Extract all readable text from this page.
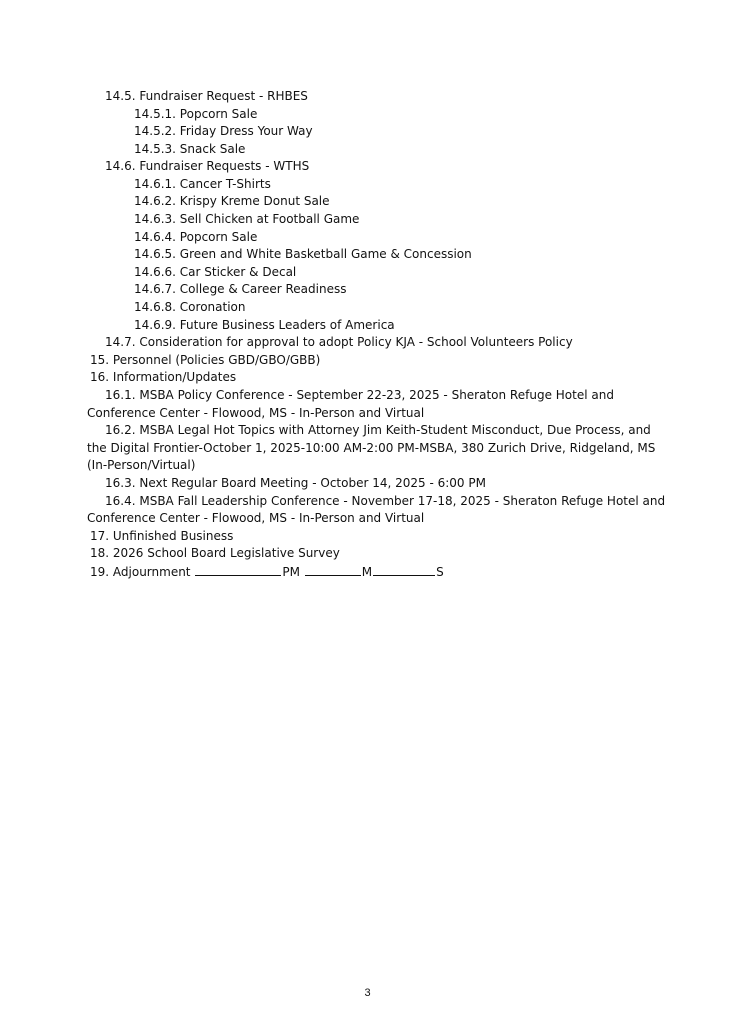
14.5. Fundraiser Request - RHBES
14.5.1. Popcorn Sale
14.5.2. Friday Dress Your Way
14.5.3. Snack Sale
14.6. Fundraiser Requests - WTHS
14.6.1. Cancer T-Shirts
14.6.2. Krispy Kreme Donut Sale
14.6.3. Sell Chicken at Football Game
14.6.4. Popcorn Sale
14.6.5. Green and White Basketball Game & Concession
14.6.6. Car Sticker & Decal
14.6.7. College & Career Readiness
14.6.8. Coronation
14.6.9. Future Business Leaders of America
14.7. Consideration for approval to adopt Policy KJA - School Volunteers Policy
15. Personnel (Policies GBD/GBO/GBB)
16. Information/Updates
16.1. MSBA Policy Conference - September 22-23, 2025 - Sheraton Refuge Hotel and
Conference Center - Flowood, MS - In-Person and Virtual
16.2. MSBA Legal Hot Topics with Attorney Jim Keith-Student Misconduct, Due Process, and
the Digital Frontier-October 1, 2025-10:00 AM-2:00 PM-MSBA, 380 Zurich Drive, Ridgeland, MS
(In-Person/Virtual)
16.3. Next Regular Board Meeting - October 14, 2025 - 6:00 PM
16.4. MSBA Fall Leadership Conference - November 17-18, 2025 - Sheraton Refuge Hotel and
Conference Center - Flowood, MS - In-Person and Virtual
17. Unfinished Business
18. 2026 School Board Legislative Survey
19. Adjournment	PM	M	S
3
